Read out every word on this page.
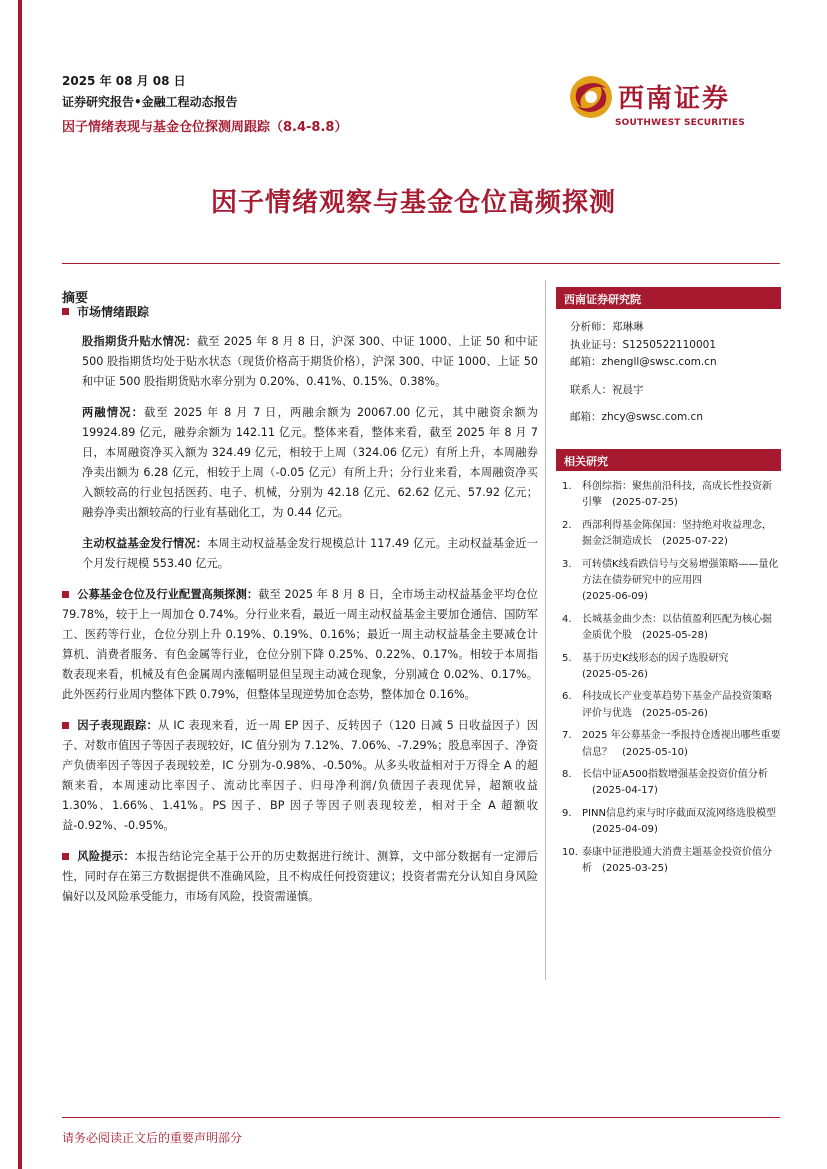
2025 年 08 月 08 日
证券研究报告•金融工程动态报告
因子情绪表现与基金仓位探测周跟踪（8.4-8.8）
西南证券
SOUTHWEST SECURITIES
因子情绪观察与基金仓位高频探测
摘要
市场情绪跟踪

股指期货升贴水情况：截至 2025 年 8 月 8 日，沪深 300、中证 1000、上证 50 和中证 500 股指期货均处于贴水状态（现货价格高于期货价格），沪深 300、中证 1000、上证 50 和中证 500 股指期货贴水率分别为 0.20%、0.41%、0.15%、0.38%。

两融情况：截至 2025 年 8 月 7 日，两融余额为 20067.00 亿元，其中融资余额为 19924.89 亿元，融券余额为 142.11 亿元。整体来看，整体来看，截至 2025 年 8 月 7 日，本周融资净买入额为 324.49 亿元，相较于上周（324.06 亿元）有所上升，本周融券净卖出额为 6.28 亿元，相较于上周（-0.05 亿元）有所上升；分行业来看，本周融资净买入额较高的行业包括医药、电子、机械，分别为 42.18 亿元、62.62 亿元、57.92 亿元；融券净卖出额较高的行业有基础化工，为 0.44 亿元。

主动权益基金发行情况：本周主动权益基金发行规模总计 117.49 亿元。主动权益基金近一个月发行规模 553.40 亿元。

公募基金仓位及行业配置高频探测：截至 2025 年 8 月 8 日，全市场主动权益基金平均仓位 79.78%，较于上一周加仓 0.74%。分行业来看，最近一周主动权益基金主要加仓通信、国防军工、医药等行业，仓位分别上升 0.19%、0.19%、0.16%；最近一周主动权益基金主要减仓计算机、消费者服务、有色金属等行业，仓位分别下降 0.25%、0.22%、0.17%。相较于本周指数表现来看，机械及有色金属周内涨幅明显但呈现主动减仓现象，分别减仓 0.02%、0.17%。此外医药行业周内整体下跌 0.79%，但整体呈现逆势加仓态势，整体加仓 0.16%。

因子表现跟踪：从 IC 表现来看，近一周 EP 因子、反转因子（120 日减 5 日收益因子）因子、对数市值因子等因子表现较好，IC 值分别为 7.12%、7.06%、-7.29%；股息率因子、净资产负债率因子等因子表现较差，IC 分别为-0.98%、-0.50%。从多头收益相对于万得全 A 的超额来看，本周速动比率因子、流动比率因子、归母净利润/负债因子表现优异，超额收益 1.30%、1.66%、1.41%。PS 因子、BP 因子等因子则表现较差，相对于全 A 超额收益-0.92%、-0.95%。

风险提示：本报告结论完全基于公开的历史数据进行统计、测算，文中部分数据有一定滞后性，同时存在第三方数据提供不准确风险，且不构成任何投资建议；投资者需充分认知自身风险偏好以及风险承受能力，市场有风险，投资需谨慎。

西南证券研究院
分析师：郑琳琳
执业证号：S1250522110001
邮箱：zhengll@swsc.com.cn
联系人：祝晨宇
邮箱：zhcy@swsc.com.cn
相关研究
1. 科创综指：聚焦前沿科技，高成长性投资新引擎 (2025-07-25)
2. 西部利得基金陈保国：坚持绝对收益理念，掘金泛制造成长 (2025-07-22)
3. 可转债K线看跌信号与交易增强策略——量化方法在债券研究中的应用四
(2025-06-09)
4. 长城基金曲少杰：以估值盈利匹配为核心掘金质优个股 (2025-05-28)
5. 基于历史K线形态的因子选股研究
(2025-05-26)
6. 科技成长产业变革趋势下基金产品投资策略评价与优选 (2025-05-26)
7. 2025 年公募基金一季报持仓透视出哪些重要信息？ (2025-05-10)
8. 长信中证A500指数增强基金投资价值分析(2025-04-17)
9. PINN信息约束与时序截面双流网络选股模型(2025-04-09)
10. 泰康中证港股通大消费主题基金投资价值分析 (2025-03-25)
请务必阅读正文后的重要声明部分
